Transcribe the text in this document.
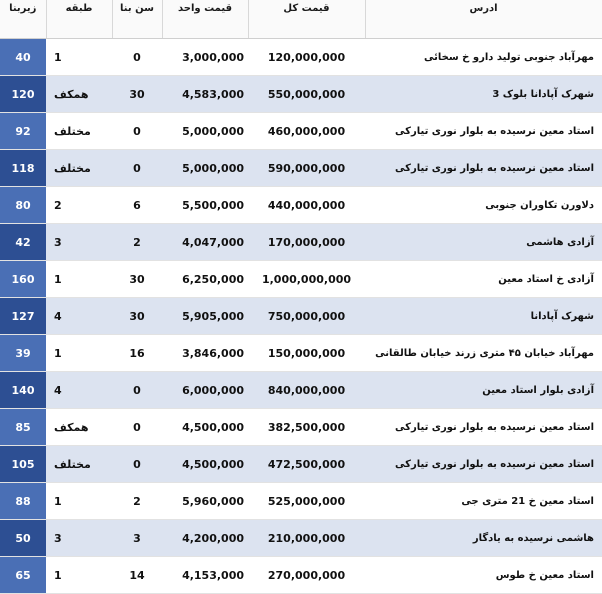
زیربنا	طبقه	سن بنا	قیمت واحد	قیمت کل	ادرس
40	1	0	3,000,000	120,000,000	مهرآباد جنوبی تولید دارو خ سخائی
120	همکف	30	4,583,000	550,000,000	شهرک آپادانا بلوک 3
92	مختلف	0	5,000,000	460,000,000	استاد معین نرسیده به بلوار نوری تیارکی
118	مختلف	0	5,000,000	590,000,000	استاد معین نرسیده به بلوار نوری تیارکی
80	2	6	5,500,000	440,000,000	دلاورن تکاوران جنوبی
42	3	2	4,047,000	170,000,000	آزادی هاشمی
160	1	30	6,250,000	1,000,000,000	آزادی خ استاد معین
127	4	30	5,905,000	750,000,000	شهرک آپادانا
39	1	16	3,846,000	150,000,000	مهرآباد خیابان ۴۵ متری زرند خیابان طالقانی
140	4	0	6,000,000	840,000,000	آزادی بلوار استاد معین
85	همکف	0	4,500,000	382,500,000	استاد معین نرسیده به بلوار نوری تیارکی
105	مختلف	0	4,500,000	472,500,000	استاد معین نرسیده به بلوار نوری تیارکی
88	1	2	5,960,000	525,000,000	استاد معین خ 21 متری جی
50	3	3	4,200,000	210,000,000	هاشمی نرسیده به یادگار
65	1	14	4,153,000	270,000,000	استاد معین خ طوس
